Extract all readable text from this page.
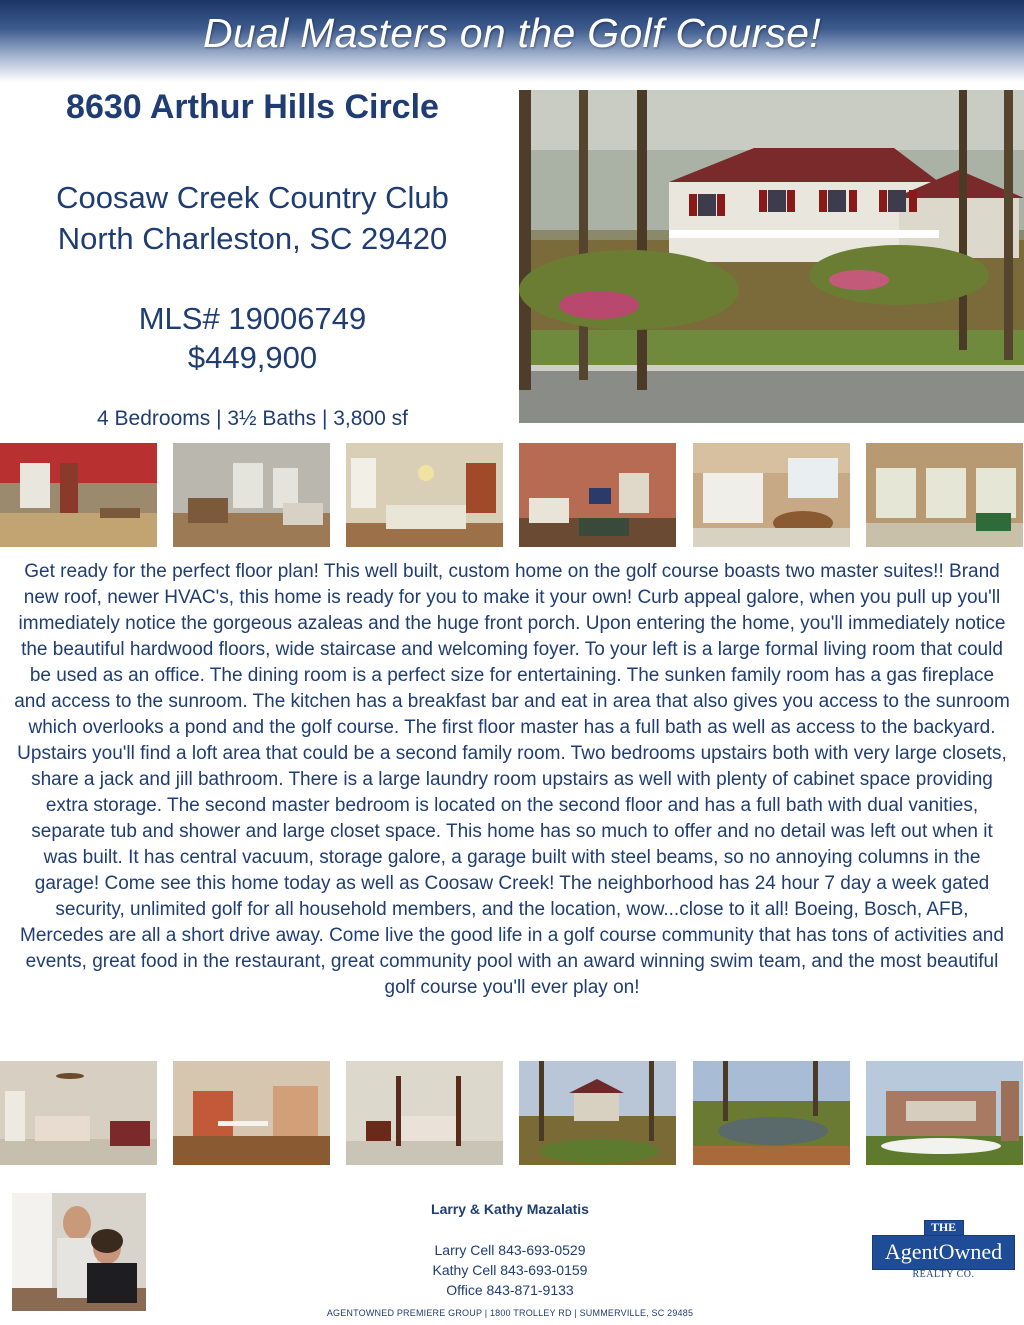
Dual Masters on the Golf Course!
8630 Arthur Hills Circle
Coosaw Creek Country Club
North Charleston, SC 29420
MLS# 19006749
$449,900
4 Bedrooms | 3½ Baths | 3,800 sf
Get ready for the perfect floor plan! This well built, custom home on the golf course boasts two master suites!! Brand new roof, newer HVAC's, this home is ready for you to make it your own! Curb appeal galore, when you pull up you'll immediately notice the gorgeous azaleas and the huge front porch. Upon entering the home, you'll immediately notice the beautiful hardwood floors, wide staircase and welcoming foyer. To your left is a large formal living room that could be used as an office. The dining room is a perfect size for entertaining. The sunken family room has a gas fireplace and access to the sunroom. The kitchen has a breakfast bar and eat in area that also gives you access to the sunroom which overlooks a pond and the golf course. The first floor master has a full bath as well as access to the backyard. Upstairs you'll find a loft area that could be a second family room. Two bedrooms upstairs both with very large closets, share a jack and jill bathroom. There is a large laundry room upstairs as well with plenty of cabinet space providing extra storage. The second master bedroom is located on the second floor and has a full bath with dual vanities, separate tub and shower and large closet space. This home has so much to offer and no detail was left out when it was built. It has central vacuum, storage galore, a garage built with steel beams, so no annoying columns in the garage! Come see this home today as well as Coosaw Creek! The neighborhood has 24 hour 7 day a week gated security, unlimited golf for all household members, and the location, wow...close to it all! Boeing, Bosch, AFB, Mercedes are all a short drive away. Come live the good life in a golf course community that has tons of activities and events, great food in the restaurant, great community pool with an award winning swim team, and the most beautiful golf course you'll ever play on!
Larry & Kathy Mazalatis
Larry Cell 843-693-0529
Kathy Cell 843-693-0159
Office 843-871-9133
AGENTOWNED PREMIERE GROUP | 1800 TROLLEY RD | SUMMERVILLE, SC 29485
THE
AgentOwned
REALTY CO.
